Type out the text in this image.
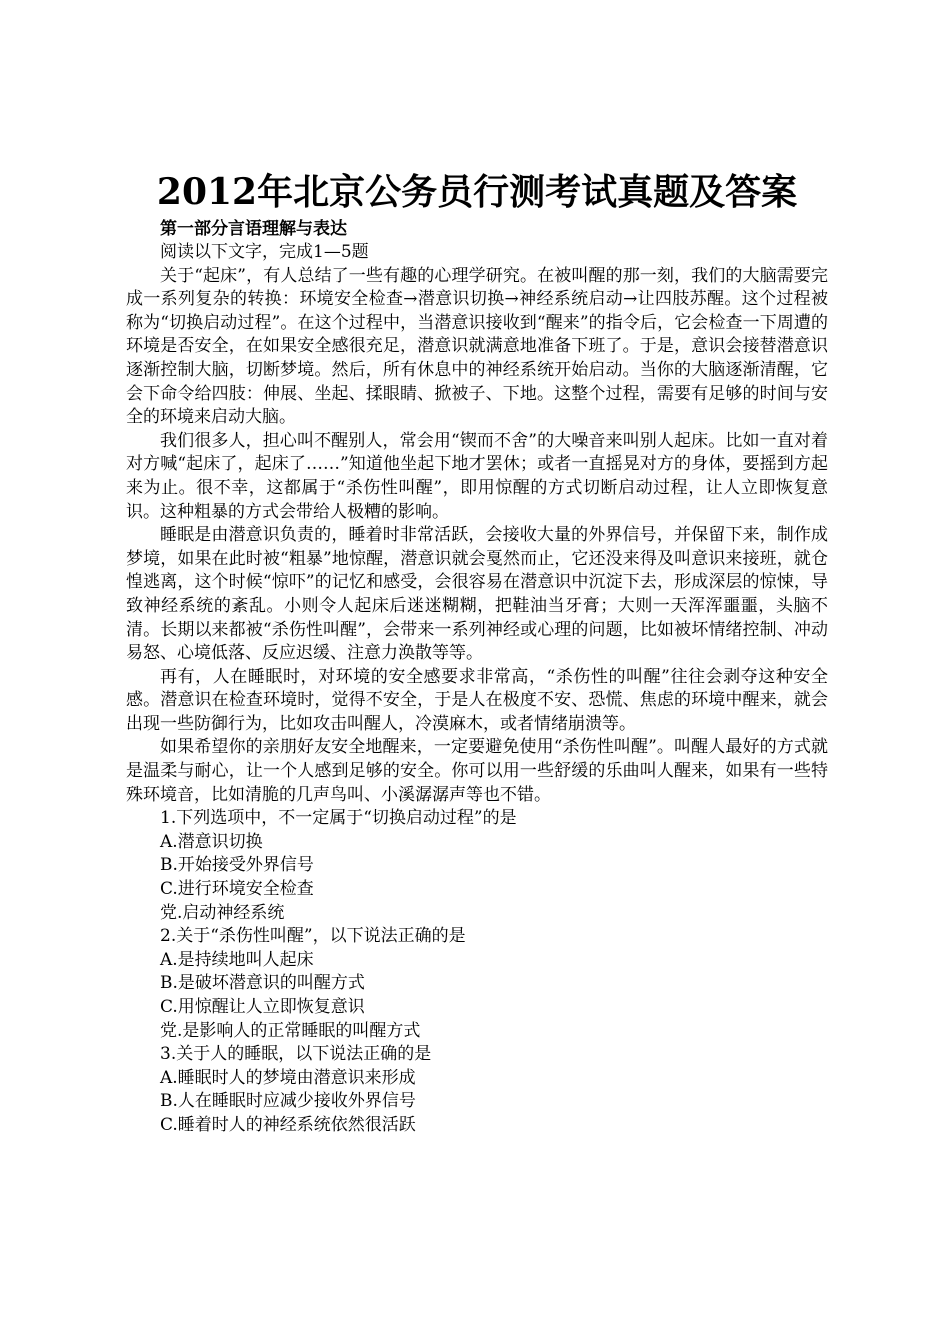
2012年北京公务员行测考试真题及答案

第一部分言语理解与表达

阅读以下文字，完成1—5题

关于“起床”，有人总结了一些有趣的心理学研究。在被叫醒的那一刻，我们的大脑需要完成一系列复杂的转换：环境安全检查→潜意识切换→神经系统启动→让四肢苏醒。这个过程被称为“切换启动过程”。在这个过程中，当潜意识接收到“醒来”的指令后，它会检查一下周遭的环境是否安全，在如果安全感很充足，潜意识就满意地准备下班了。于是，意识会接替潜意识逐渐控制大脑，切断梦境。然后，所有休息中的神经系统开始启动。当你的大脑逐渐清醒，它会下命令给四肢：伸展、坐起、揉眼睛、掀被子、下地。这整个过程，需要有足够的时间与安全的环境来启动大脑。

我们很多人，担心叫不醒别人，常会用“锲而不舍”的大噪音来叫别人起床。比如一直对着对方喊“起床了，起床了……”知道他坐起下地才罢休；或者一直摇晃对方的身体，要摇到方起来为止。很不幸，这都属于“杀伤性叫醒”，即用惊醒的方式切断启动过程，让人立即恢复意识。这种粗暴的方式会带给人极糟的影响。

睡眠是由潜意识负责的，睡着时非常活跃，会接收大量的外界信号，并保留下来，制作成梦境，如果在此时被“粗暴”地惊醒，潜意识就会戛然而止，它还没来得及叫意识来接班，就仓惶逃离，这个时候“惊吓”的记忆和感受，会很容易在潜意识中沉淀下去，形成深层的惊悚，导致神经系统的紊乱。小则令人起床后迷迷糊糊，把鞋油当牙膏；大则一天浑浑噩噩，头脑不清。长期以来都被“杀伤性叫醒”，会带来一系列神经或心理的问题，比如被坏情绪控制、冲动易怒、心境低落、反应迟缓、注意力涣散等等。

再有，人在睡眠时，对环境的安全感要求非常高，“杀伤性的叫醒”往往会剥夺这种安全感。潜意识在检查环境时，觉得不安全，于是人在极度不安、恐慌、焦虑的环境中醒来，就会出现一些防御行为，比如攻击叫醒人，冷漠麻木，或者情绪崩溃等。

如果希望你的亲朋好友安全地醒来，一定要避免使用“杀伤性叫醒”。叫醒人最好的方式就是温柔与耐心，让一个人感到足够的安全。你可以用一些舒缓的乐曲叫人醒来，如果有一些特殊环境音，比如清脆的几声鸟叫、小溪潺潺声等也不错。

1.下列选项中，不一定属于“切换启动过程”的是

A.潜意识切换

B.开始接受外界信号

C.进行环境安全检查

党.启动神经系统

2.关于“杀伤性叫醒”，以下说法正确的是

A.是持续地叫人起床

B.是破坏潜意识的叫醒方式

C.用惊醒让人立即恢复意识

党.是影响人的正常睡眠的叫醒方式

3.关于人的睡眠，以下说法正确的是

A.睡眠时人的梦境由潜意识来形成

B.人在睡眠时应减少接收外界信号

C.睡着时人的神经系统依然很活跃
